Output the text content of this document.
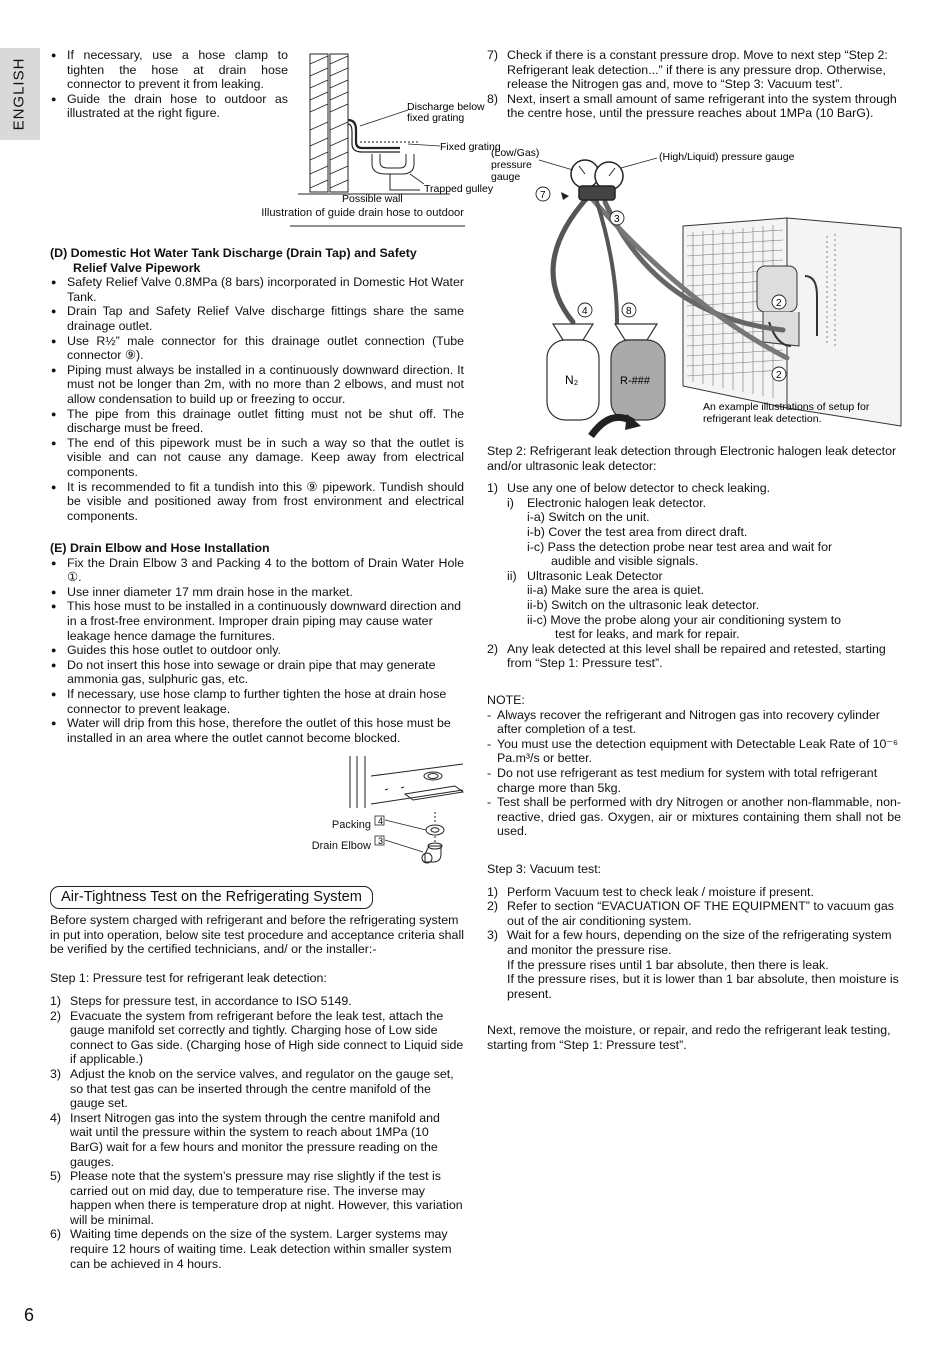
ENGLISH
6
● If necessary, use a hose clamp to tighten the hose at drain hose connector to prevent it from leaking.
● Guide the drain hose to outdoor as illustrated at the right figure.	Discharge below
fixed grating
Fixed grating
Trapped gulley
Possible wall
Illustration of guide drain hose to outdoor
(D) Domestic Hot Water Tank Discharge (Drain Tap) and Safety
Relief Valve Pipework
● Safety Relief Valve 0.8MPa (8 bars) incorporated in Domestic Hot Water Tank.
● Drain Tap and Safety Relief Valve discharge fittings share the same drainage outlet.
● Use R½” male connector for this drainage outlet connection (Tube connector ⑨).
● Piping must always be installed in a continuously downward direction. It must not be longer than 2m, with no more than 2 elbows, and must not allow condensation to build up or freezing to occur.
● The pipe from this drainage outlet fitting must not be shut off. The discharge must be freed.
● The end of this pipework must be in such a way so that the outlet is visible and can not cause any damage. Keep away from electrical components.
● It is recommended to fit a tundish into this ⑨ pipework. Tundish should be visible and positioned away from frost environment and electrical components.
(E) Drain Elbow and Hose Installation
● Fix the Drain Elbow 3 and Packing 4 to the bottom of Drain Water Hole ①.
● Use inner diameter 17 mm drain hose in the market.
● This hose must to be installed in a continuously downward direction and in a frost-free environment. Improper drain piping may cause water leakage hence damage the furnitures.
● Guides this hose outlet to outdoor only.
● Do not insert this hose into sewage or drain pipe that may generate ammonia gas, sulphuric gas, etc.
● If necessary, use hose clamp to further tighten the hose at drain hose connector to prevent leakage.
● Water will drip from this hose, therefore the outlet of this hose must be installed in an area where the outlet cannot become blocked.
4
3
Packing
Drain Elbow
Air-Tightness Test on the Refrigerating System

Before system charged with refrigerant and before the refrigerating system in put into operation, below site test procedure and acceptance criteria shall be verified by the certified technicians, and/ or the installer:-

Step 1: Pressure test for refrigerant leak detection:

1) Steps for pressure test, in accordance to ISO 5149.
2) Evacuate the system from refrigerant before the leak test, attach the gauge manifold set correctly and tightly. Charging hose of Low side connect to Gas side. (Charging hose of High side connect to Liquid side if applicable.)
3) Adjust the knob on the service valves, and regulator on the gauge set, so that test gas can be inserted through the centre manifold of the gauge set.
4) Insert Nitrogen gas into the system through the centre manifold and wait until the pressure within the system to reach about 1MPa (10 BarG) wait for a few hours and monitor the pressure reading on the gauges.
5) Please note that the system’s pressure may rise slightly if the test is carried out on mid day, due to temperature rise. The inverse may happen when there is temperature drop at night. However, this variation will be minimal.
6) Waiting time depends on the size of the system. Larger systems may require 12 hours of waiting time. Leak detection within smaller system can be achieved in 4 hours.
7) Check if there is a constant pressure drop. Move to next step “Step 2: Refrigerant leak detection...” if there is any pressure drop. Otherwise, release the Nitrogen gas and, move to “Step 3: Vacuum test”.
8) Next, insert a small amount of same refrigerant into the system through the centre hose, until the pressure reaches about 1MPa (10 BarG).
7
3
4	8
2
2
N₂	R-###
(Low/Gas)
pressure
gauge
(High/Liquid) pressure gauge
An example illustrations of setup for
refrigerant leak detection.

Step 2: Refrigerant leak detection through Electronic halogen leak detector and/or ultrasonic leak detector:

1) Use any one of below detector to check leaking.
i) Electronic halogen leak detector.
i-a) Switch on the unit.
i-b) Cover the test area from direct draft.
i-c) Pass the detection probe near test area and wait for
audible and visible signals.
ii) Ultrasonic Leak Detector
ii-a) Make sure the area is quiet.
ii-b) Switch on the ultrasonic leak detector.
ii-c) Move the probe along your air conditioning system to
test for leaks, and mark for repair.
2) Any leak detected at this level shall be repaired and retested, starting from “Step 1: Pressure test”.

NOTE:

- Always recover the refrigerant and Nitrogen gas into recovery cylinder after completion of a test.
- You must use the detection equipment with Detectable Leak Rate of 10⁻⁶ Pa.m³/s or better.
- Do not use refrigerant as test medium for system with total refrigerant charge more than 5kg.
- Test shall be performed with dry Nitrogen or another non-flammable, non-reactive, dried gas. Oxygen, air or mixtures containing them shall not be used.

Step 3: Vacuum test:

1) Perform Vacuum test to check leak / moisture if present.
2) Refer to section “EVACUATION OF THE EQUIPMENT” to vacuum gas out of the air conditioning system.
3) Wait for a few hours, depending on the size of the refrigerating system and monitor the pressure rise.
If the pressure rises until 1 bar absolute, then there is leak.
If the pressure rises, but it is lower than 1 bar absolute, then moisture is present.

Next, remove the moisture, or repair, and redo the refrigerant leak testing, starting from “Step 1: Pressure test”.
